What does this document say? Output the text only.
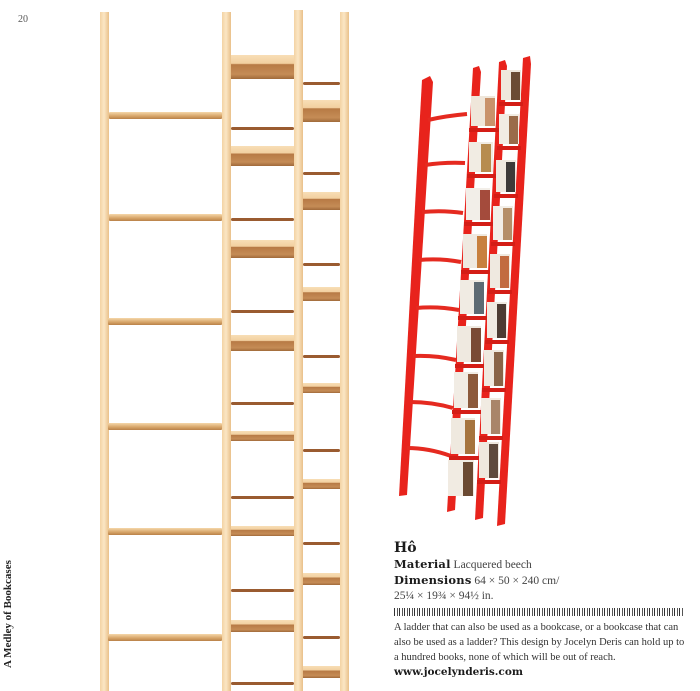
20
A Medley of Bookcases
Hô
Material Lacquered beech
Dimensions 64 × 50 × 240 cm/
25¼ × 19¾ × 94½ in.
A ladder that can also be used as a bookcase, or a bookcase that can also be used as a ladder? This design by Jocelyn Deris can hold up to a hundred books, none of which will be out of reach.
www.jocelynderis.com
